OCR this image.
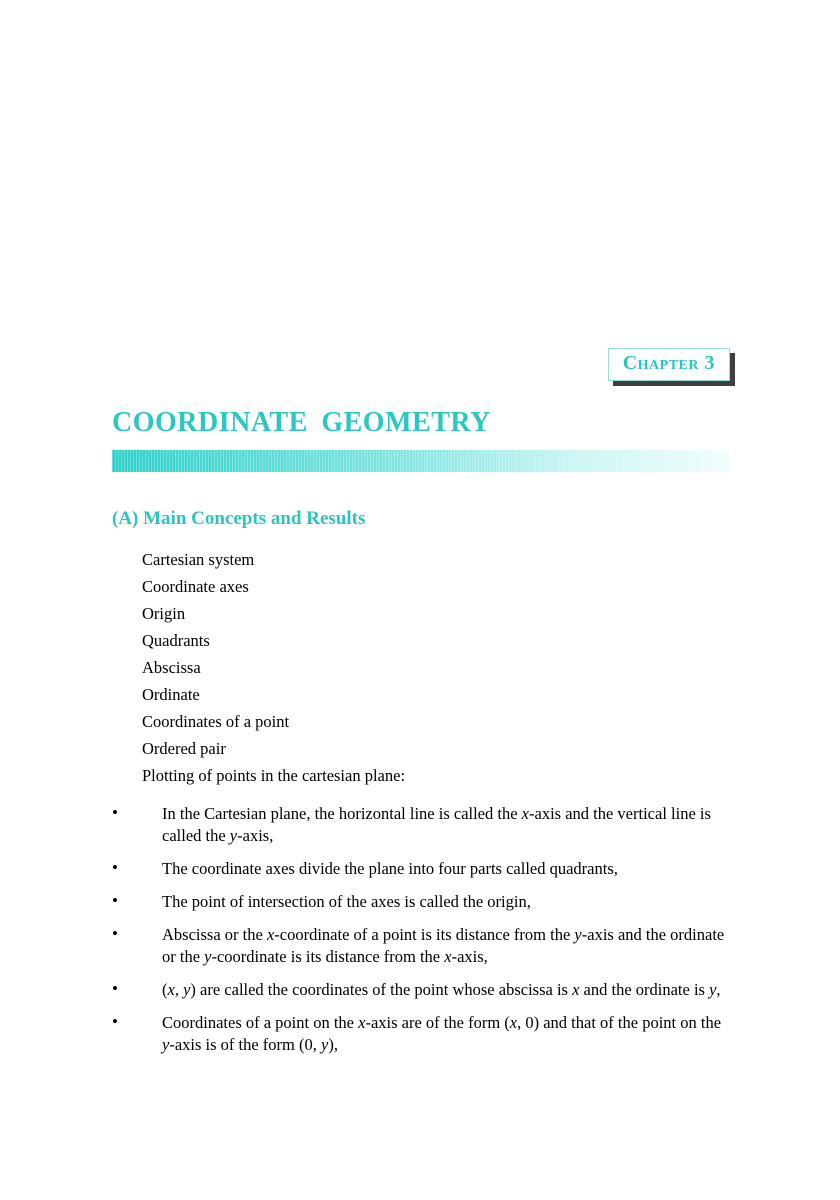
Chapter 3
COORDINATE GEOMETRY
(A) Main Concepts and Results
Cartesian system
Coordinate axes
Origin
Quadrants
Abscissa
Ordinate
Coordinates of a point
Ordered pair
Plotting of points in the cartesian plane:
•	In the Cartesian plane, the horizontal line is called the x-axis and the vertical line is called the y-axis,
•	The coordinate axes divide the plane into four parts called quadrants,
•	The point of intersection of the axes is called the origin,
•	Abscissa or the x-coordinate of a point is its distance from the y-axis and the ordinate or the y-coordinate is its distance from the x-axis,
•	(x, y) are called the coordinates of the point whose abscissa is x and the ordinate is y,
•	Coordinates of a point on the x-axis are of the form (x, 0) and that of the point on the y-axis is of the form (0, y),
